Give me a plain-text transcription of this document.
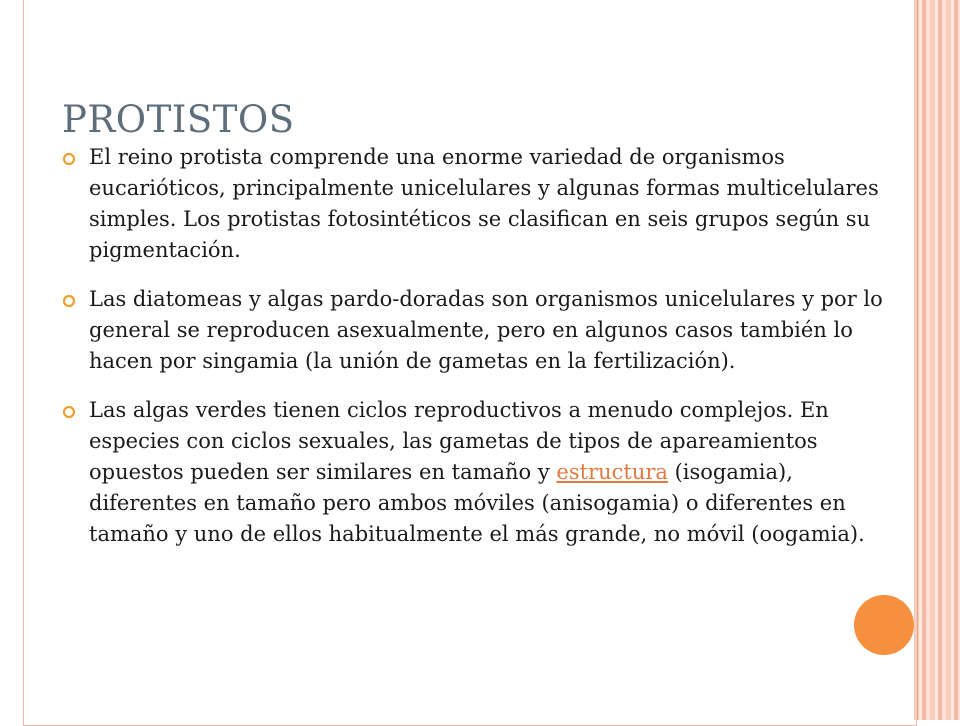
PROTISTOS
El reino protista comprende una enorme variedad de organismos eucarióticos, principalmente unicelulares y algunas formas multicelulares simples. Los protistas fotosintéticos se clasifican en seis grupos según su pigmentación.
Las diatomeas y algas pardo-doradas son organismos unicelulares y por lo general se reproducen asexualmente, pero en algunos casos también lo hacen por singamia (la unión de gametas en la fertilización).
Las algas verdes tienen ciclos reproductivos a menudo complejos. En especies con ciclos sexuales, las gametas de tipos de apareamientos opuestos pueden ser similares en tamaño y estructura (isogamia), diferentes en tamaño pero ambos móviles (anisogamia) o diferentes en tamaño y uno de ellos habitualmente el más grande, no móvil (oogamia).
